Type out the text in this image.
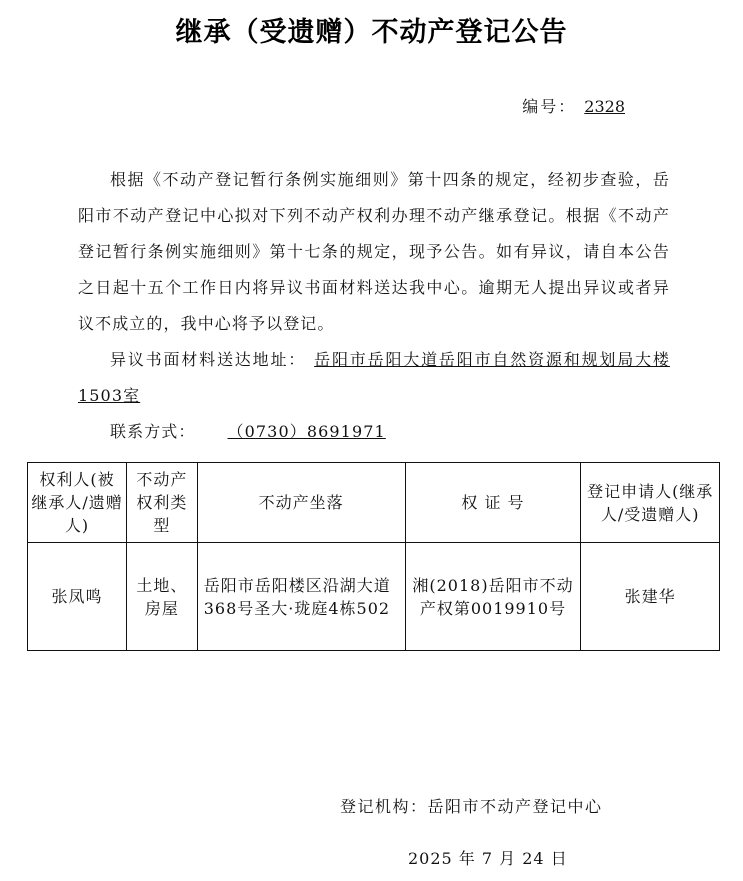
继承（受遗赠）不动产登记公告
编号： 2328

根据《不动产登记暂行条例实施细则》第十四条的规定，经初步查验，岳阳市不动产登记中心拟对下列不动产权利办理不动产继承登记。根据《不动产登记暂行条例实施细则》第十七条的规定，现予公告。如有异议，请自本公告之日起十五个工作日内将异议书面材料送达我中心。逾期无人提出异议或者异议不成立的，我中心将予以登记。

异议书面材料送达地址： 岳阳市岳阳大道岳阳市自然资源和规划局大楼1503室

联系方式： （0730）8691971

权利人(被继承人/遗赠人)	不动产权利类型	不动产坐落	权 证 号	登记申请人(继承人/受遗赠人)
张凤鸣	土地、房屋	岳阳市岳阳楼区沿湖大道368号圣大·珑庭4栋502	湘(2018)岳阳市不动产权第0019910号	张建华
登记机构：岳阳市不动产登记中心
2025 年 7 月 24 日
